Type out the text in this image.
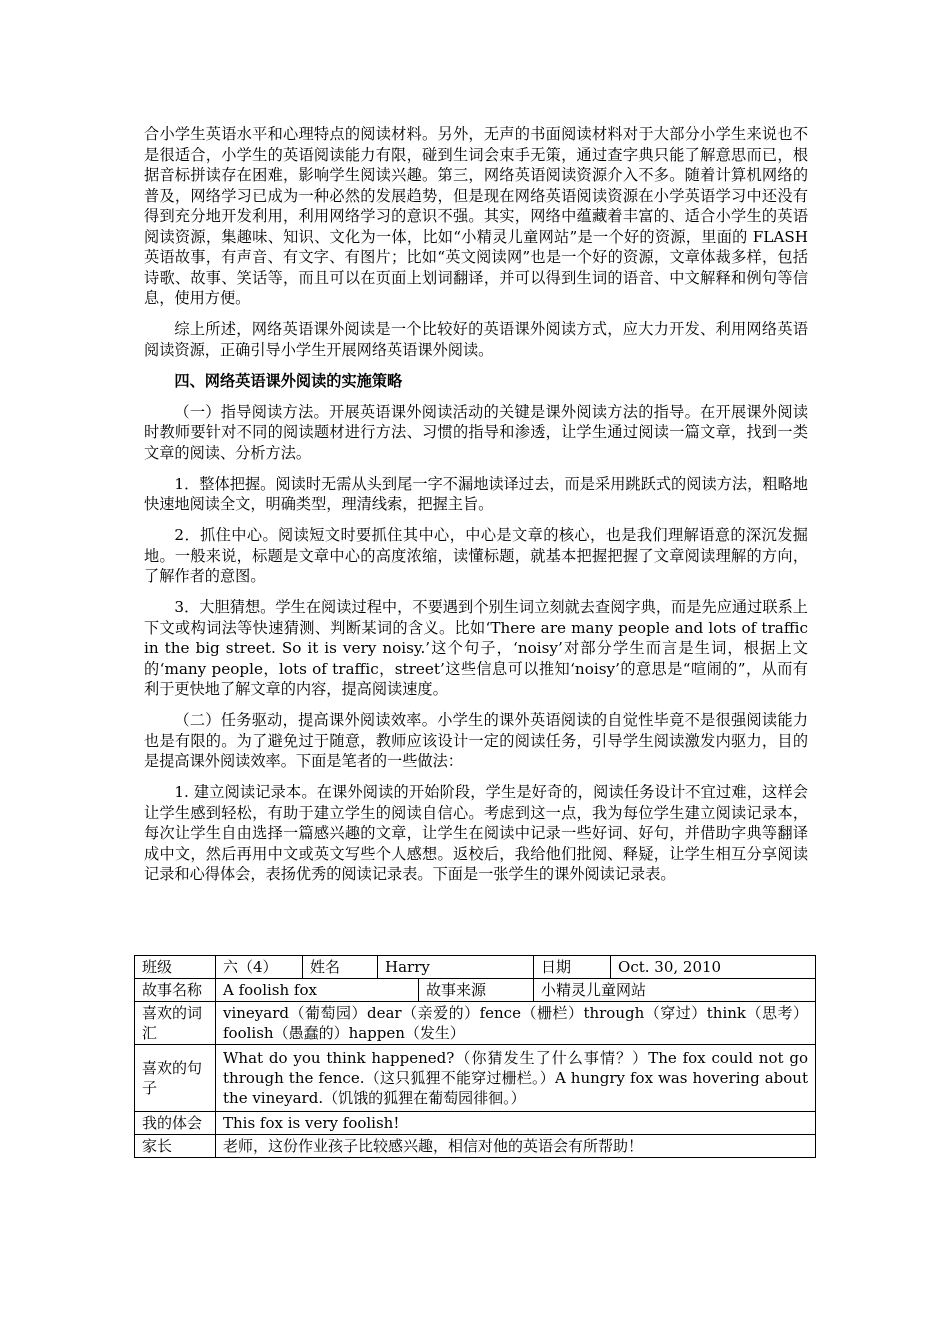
合小学生英语水平和心理特点的阅读材料。另外，无声的书面阅读材料对于大部分小学生来说也不是很适合，小学生的英语阅读能力有限，碰到生词会束手无策，通过查字典只能了解意思而已，根据音标拼读存在困难，影响学生阅读兴趣。第三，网络英语阅读资源介入不多。随着计算机网络的普及，网络学习已成为一种必然的发展趋势，但是现在网络英语阅读资源在小学英语学习中还没有得到充分地开发利用，利用网络学习的意识不强。其实，网络中蕴藏着丰富的、适合小学生的英语阅读资源，集趣味、知识、文化为一体，比如“小精灵儿童网站”是一个好的资源，里面的 FLASH 英语故事，有声音、有文字、有图片；比如“英文阅读网”也是一个好的资源，文章体裁多样，包括诗歌、故事、笑话等，而且可以在页面上划词翻译，并可以得到生词的语音、中文解释和例句等信息，使用方便。

综上所述，网络英语课外阅读是一个比较好的英语课外阅读方式，应大力开发、利用网络英语阅读资源，正确引导小学生开展网络英语课外阅读。

四、网络英语课外阅读的实施策略

（一）指导阅读方法。开展英语课外阅读活动的关键是课外阅读方法的指导。在开展课外阅读时教师要针对不同的阅读题材进行方法、习惯的指导和渗透，让学生通过阅读一篇文章，找到一类文章的阅读、分析方法。

1．整体把握。阅读时无需从头到尾一字不漏地读译过去，而是采用跳跃式的阅读方法，粗略地快速地阅读全文，明确类型，理清线索，把握主旨。

2．抓住中心。阅读短文时要抓住其中心，中心是文章的核心，也是我们理解语意的深沉发掘地。一般来说，标题是文章中心的高度浓缩，读懂标题，就基本把握把握了文章阅读理解的方向，了解作者的意图。

3．大胆猜想。学生在阅读过程中，不要遇到个别生词立刻就去查阅字典，而是先应通过联系上下文或构词法等快速猜测、判断某词的含义。比如‘There are many people and lots of traffic in the big street. So it is very noisy.’这个句子，‘noisy’对部分学生而言是生词，根据上文的‘many people，lots of traffic，street’这些信息可以推知‘noisy’的意思是“喧闹的”，从而有利于更快地了解文章的内容，提高阅读速度。

（二）任务驱动，提高课外阅读效率。小学生的课外英语阅读的自觉性毕竟不是很强阅读能力也是有限的。为了避免过于随意，教师应该设计一定的阅读任务，引导学生阅读激发内驱力，目的是提高课外阅读效率。下面是笔者的一些做法：

1. 建立阅读记录本。在课外阅读的开始阶段，学生是好奇的，阅读任务设计不宜过难，这样会让学生感到轻松，有助于建立学生的阅读自信心。考虑到这一点，我为每位学生建立阅读记录本，每次让学生自由选择一篇感兴趣的文章，让学生在阅读中记录一些好词、好句，并借助字典等翻译成中文，然后再用中文或英文写些个人感想。返校后，我给他们批阅、释疑，让学生相互分享阅读记录和心得体会，表扬优秀的阅读记录表。下面是一张学生的课外阅读记录表。

班级	六（4）	姓名	Harry		日期	Oct. 30, 2010
故事名称	A foolish fox			故事来源	小精灵儿童网站	
喜欢的词汇	vineyard（葡萄园）dear（亲爱的）fence（栅栏）through（穿过）think（思考）foolish（愚蠢的）happen（发生）					
喜欢的句子	What do you think happened?（你猜发生了什么事情？）The fox could not go through the fence.（这只狐狸不能穿过栅栏。）A hungry fox was hovering about the vineyard.（饥饿的狐狸在葡萄园徘徊。）					
我的体会	This fox is very foolish!					
家长	老师，这份作业孩子比较感兴趣，相信对他的英语会有所帮助！					
